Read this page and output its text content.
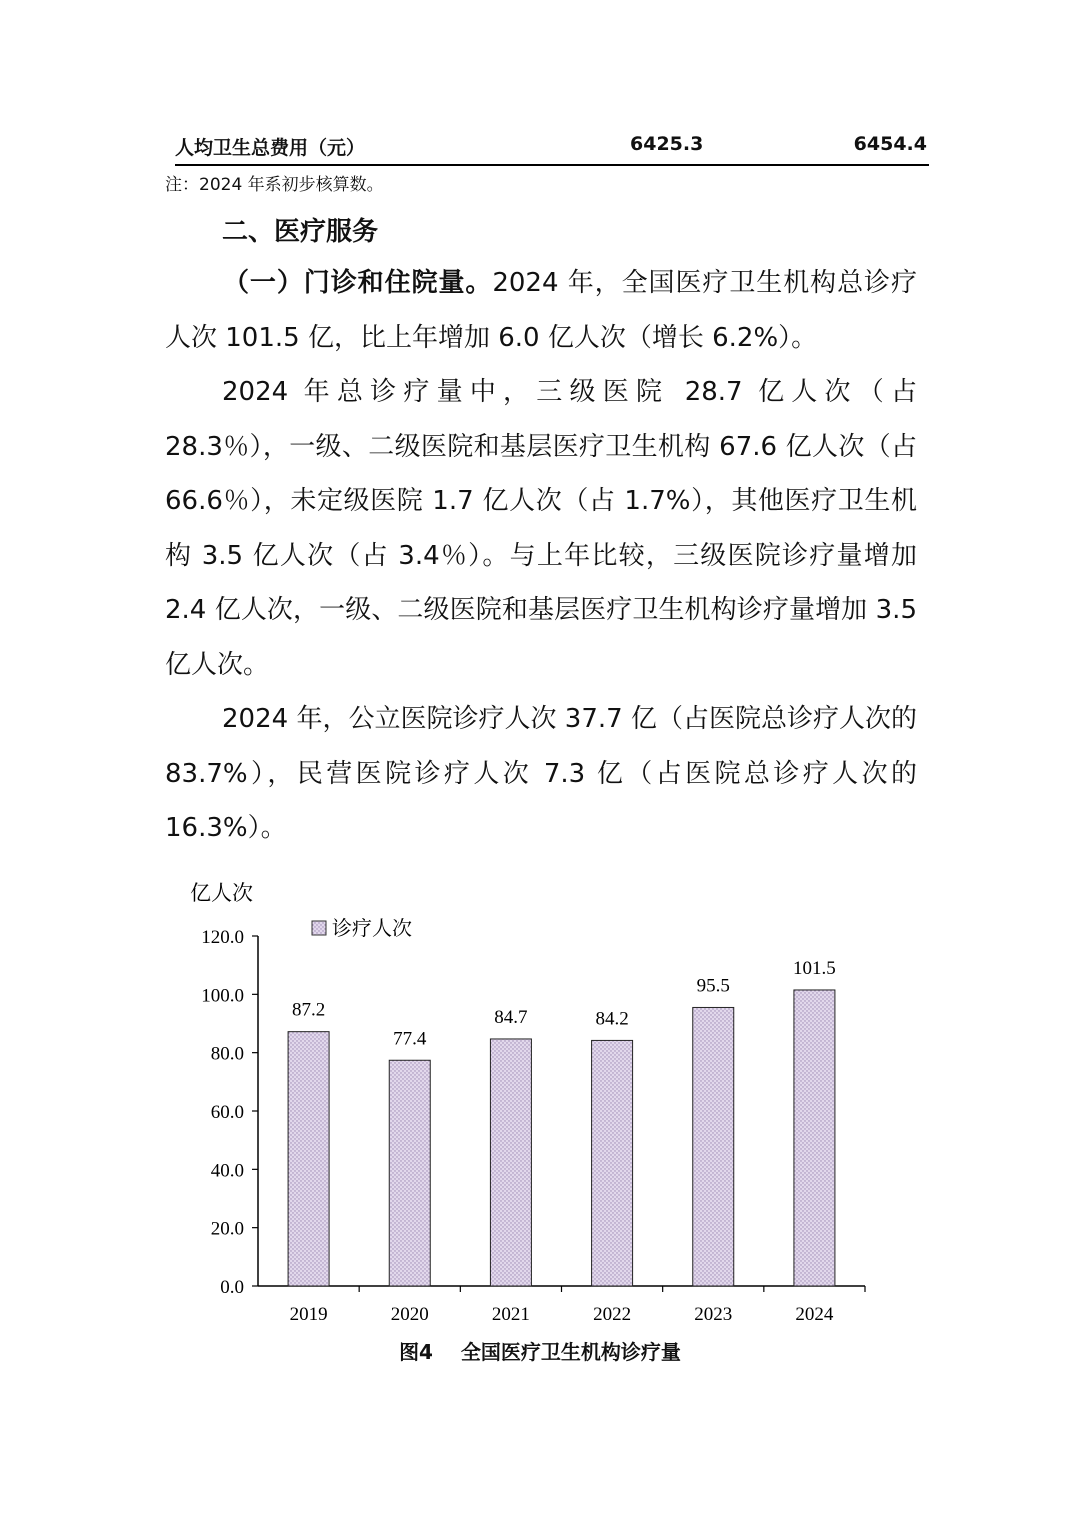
人均卫生总费用（元）	6425.3	6454.4
注：2024 年系初步核算数。
二、医疗服务

（一）门诊和住院量。2024 年，全国医疗卫生机构总诊疗人次 101.5 亿，比上年增加 6.0 亿人次（增长 6.2%）。

2024 年总诊疗量中，三级医院 28.7 亿人次（占 28.3％），一级、二级医院和基层医疗卫生机构 67.6 亿人次（占 66.6％），未定级医院 1.7 亿人次（占 1.7%），其他医疗卫生机构 3.5 亿人次（占 3.4％）。与上年比较，三级医院诊疗量增加 2.4 亿人次，一级、二级医院和基层医疗卫生机构诊疗量增加 3.5 亿人次。

2024 年，公立医院诊疗人次 37.7 亿（占医院总诊疗人次的 83.7%），民营医院诊疗人次 7.3 亿（占医院总诊疗人次的 16.3%）。

亿人次
诊疗人次
0.0
20.0
40.0
60.0
80.0
100.0
120.0
87.2
2019
77.4
2020
84.7
2021
84.2
2022
95.5
2023
101.5
2024
图4 全国医疗卫生机构诊疗量
